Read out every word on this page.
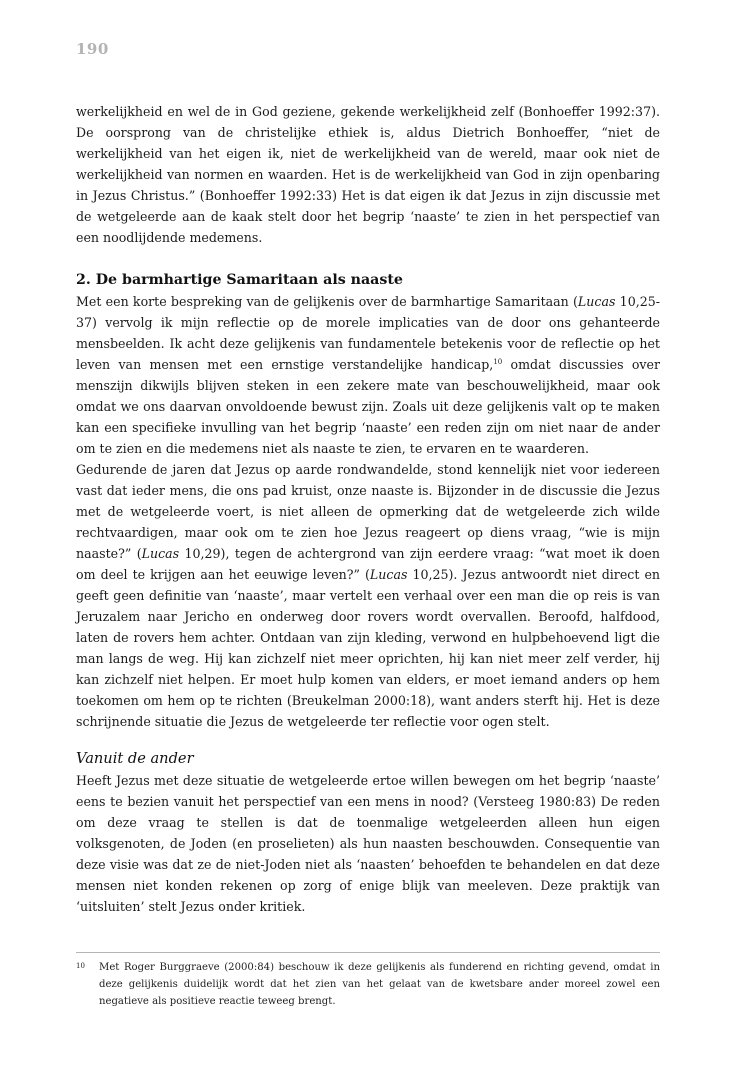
190

werkelijkheid en wel de in God geziene, gekende werkelijkheid zelf (Bonhoeffer 1992:37). De oorsprong van de christelijke ethiek is, aldus Dietrich Bonhoeffer, “niet de werkelijkheid van het eigen ik, niet de werkelijkheid van de wereld, maar ook niet de werkelijkheid van normen en waarden. Het is de werkelijkheid van God in zijn openbaring in Jezus Christus.” (Bonhoeffer 1992:33) Het is dat eigen ik dat Jezus in zijn discussie met de wetgeleerde aan de kaak stelt door het begrip ‘naaste’ te zien in het perspectief van een noodlijdende medemens.

2. De barmhartige Samaritaan als naaste

Met een korte bespreking van de gelijkenis over de barmhartige Samaritaan (Lucas 10,25-37) vervolg ik mijn reflectie op de morele implicaties van de door ons gehanteerde mensbeelden. Ik acht deze gelijkenis van fundamentele betekenis voor de reflectie op het leven van mensen met een ernstige verstandelijke handicap,$^{10}$ omdat discussies over menszijn dikwijls blijven steken in een zekere mate van beschouwelijkheid, maar ook omdat we ons daarvan onvoldoende bewust zijn. Zoals uit deze gelijkenis valt op te maken kan een specifieke invulling van het begrip ‘naaste’ een reden zijn om niet naar de ander om te zien en die medemens niet als naaste te zien, te ervaren en te waarderen.

Gedurende de jaren dat Jezus op aarde rondwandelde, stond kennelijk niet voor iedereen vast dat ieder mens, die ons pad kruist, onze naaste is. Bijzonder in de discussie die Jezus met de wetgeleerde voert, is niet alleen de opmerking dat de wetgeleerde zich wilde rechtvaardigen, maar ook om te zien hoe Jezus reageert op diens vraag, “wie is mijn naaste?” (Lucas 10,29), tegen de achtergrond van zijn eerdere vraag: “wat moet ik doen om deel te krijgen aan het eeuwige leven?” (Lucas 10,25). Jezus antwoordt niet direct en geeft geen definitie van ‘naaste’, maar vertelt een verhaal over een man die op reis is van Jeruzalem naar Jericho en onderweg door rovers wordt overvallen. Beroofd, halfdood, laten de rovers hem achter. Ontdaan van zijn kleding, verwond en hulpbehoevend ligt die man langs de weg. Hij kan zichzelf niet meer oprichten, hij kan niet meer zelf verder, hij kan zichzelf niet helpen. Er moet hulp komen van elders, er moet iemand anders op hem toekomen om hem op te richten (Breukelman 2000:18), want anders sterft hij. Het is deze schrijnende situatie die Jezus de wetgeleerde ter reflectie voor ogen stelt.

Vanuit de ander

Heeft Jezus met deze situatie de wetgeleerde ertoe willen bewegen om het begrip ‘naaste’ eens te bezien vanuit het perspectief van een mens in nood? (Versteeg 1980:83) De reden om deze vraag te stellen is dat de toenmalige wetgeleerden alleen hun eigen volksgenoten, de Joden (en proselieten) als hun naasten beschouwden. Consequentie van deze visie was dat ze de niet-Joden niet als ‘naasten’ behoefden te behandelen en dat deze mensen niet konden rekenen op zorg of enige blijk van meeleven. Deze praktijk van ‘uitsluiten’ stelt Jezus onder kritiek.

10 Met Roger Burggraeve (2000:84) beschouw ik deze gelijkenis als funderend en richting gevend, omdat in deze gelijkenis duidelijk wordt dat het zien van het gelaat van de kwetsbare ander moreel zowel een negatieve als positieve reactie teweeg brengt.
